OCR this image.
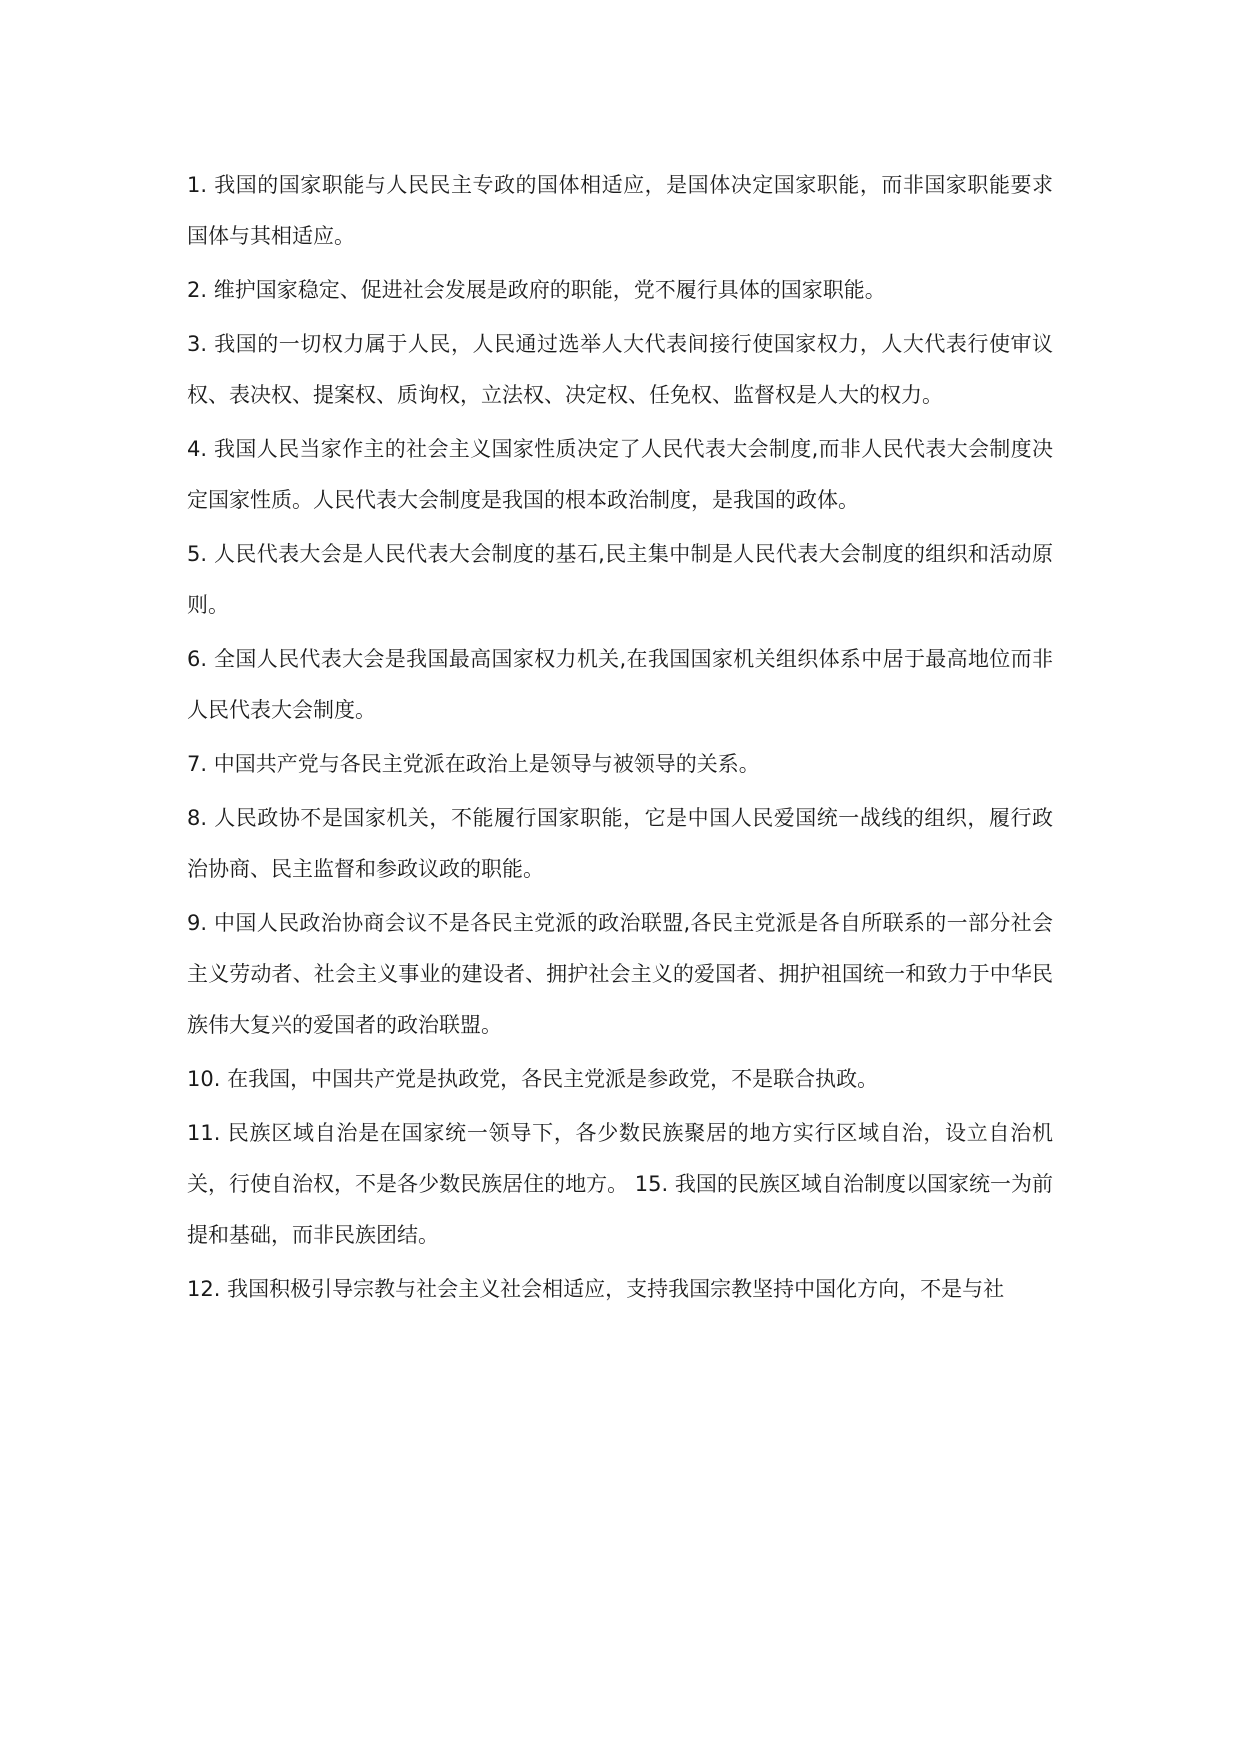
1. 我国的国家职能与人民民主专政的国体相适应，是国体决定国家职能，而非国家职能要求国体与其相适应。

2. 维护国家稳定、促进社会发展是政府的职能，党不履行具体的国家职能。

3. 我国的一切权力属于人民，人民通过选举人大代表间接行使国家权力，人大代表行使审议权、表决权、提案权、质询权，立法权、决定权、任免权、监督权是人大的权力。

4. 我国人民当家作主的社会主义国家性质决定了人民代表大会制度,而非人民代表大会制度决定国家性质。人民代表大会制度是我国的根本政治制度，是我国的政体。

5. 人民代表大会是人民代表大会制度的基石,民主集中制是人民代表大会制度的组织和活动原则。

6. 全国人民代表大会是我国最高国家权力机关,在我国国家机关组织体系中居于最高地位而非人民代表大会制度。

7. 中国共产党与各民主党派在政治上是领导与被领导的关系。

8. 人民政协不是国家机关，不能履行国家职能，它是中国人民爱国统一战线的组织，履行政治协商、民主监督和参政议政的职能。

9. 中国人民政治协商会议不是各民主党派的政治联盟,各民主党派是各自所联系的一部分社会主义劳动者、社会主义事业的建设者、拥护社会主义的爱国者、拥护祖国统一和致力于中华民族伟大复兴的爱国者的政治联盟。

10. 在我国，中国共产党是执政党，各民主党派是参政党，不是联合执政。

11. 民族区域自治是在国家统一领导下，各少数民族聚居的地方实行区域自治，设立自治机关，行使自治权，不是各少数民族居住的地方。 15. 我国的民族区域自治制度以国家统一为前提和基础，而非民族团结。

12. 我国积极引导宗教与社会主义社会相适应，支持我国宗教坚持中国化方向，不是与社
